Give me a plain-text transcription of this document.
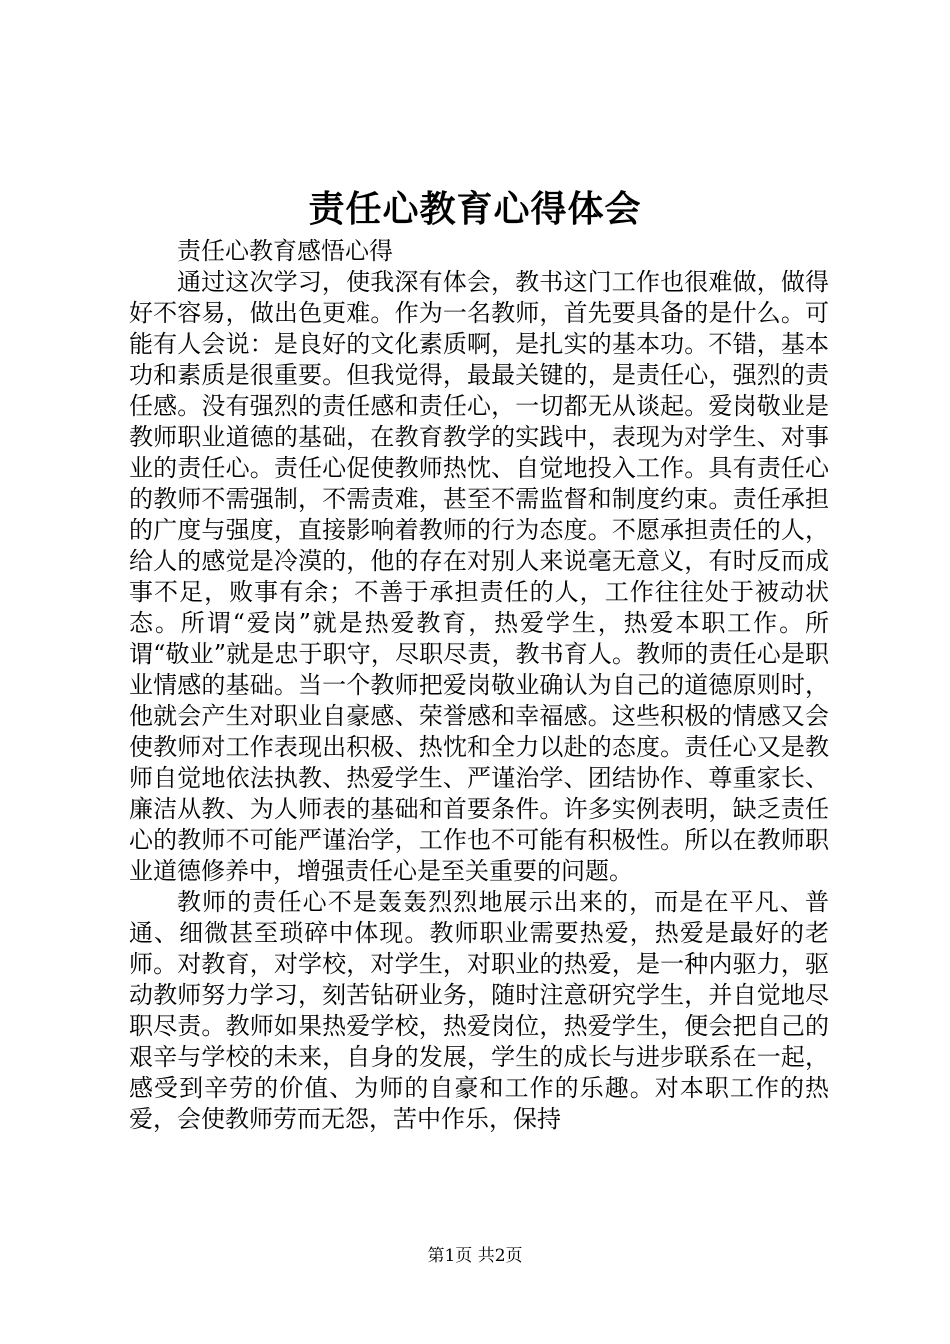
责任心教育心得体会

责任心教育感悟心得

通过这次学习，使我深有体会，教书这门工作也很难做，做得好不容易，做出色更难。作为一名教师，首先要具备的是什么。可能有人会说：是良好的文化素质啊，是扎实的基本功。不错，基本功和素质是很重要。但我觉得，最最关键的，是责任心，强烈的责任感。没有强烈的责任感和责任心，一切都无从谈起。爱岗敬业是教师职业道德的基础，在教育教学的实践中，表现为对学生、对事业的责任心。责任心促使教师热忱、自觉地投入工作。具有责任心的教师不需强制，不需责难，甚至不需监督和制度约束。责任承担的广度与强度，直接影响着教师的行为态度。不愿承担责任的人，给人的感觉是冷漠的，他的存在对别人来说毫无意义，有时反而成事不足，败事有余；不善于承担责任的人，工作往往处于被动状态。所谓“爱岗”就是热爱教育，热爱学生，热爱本职工作。所谓“敬业”就是忠于职守，尽职尽责，教书育人。教师的责任心是职业情感的基础。当一个教师把爱岗敬业确认为自己的道德原则时，他就会产生对职业自豪感、荣誉感和幸福感。这些积极的情感又会使教师对工作表现出积极、热忱和全力以赴的态度。责任心又是教师自觉地依法执教、热爱学生、严谨治学、团结协作、尊重家长、廉洁从教、为人师表的基础和首要条件。许多实例表明，缺乏责任心的教师不可能严谨治学，工作也不可能有积极性。所以在教师职业道德修养中，增强责任心是至关重要的问题。

教师的责任心不是轰轰烈烈地展示出来的，而是在平凡、普通、细微甚至琐碎中体现。教师职业需要热爱，热爱是最好的老师。对教育，对学校，对学生，对职业的热爱，是一种内驱力，驱动教师努力学习，刻苦钻研业务，随时注意研究学生，并自觉地尽职尽责。教师如果热爱学校，热爱岗位，热爱学生，便会把自己的艰辛与学校的未来，自身的发展，学生的成长与进步联系在一起，感受到辛劳的价值、为师的自豪和工作的乐趣。对本职工作的热爱，会使教师劳而无怨，苦中作乐，保持

第1页 共2页
